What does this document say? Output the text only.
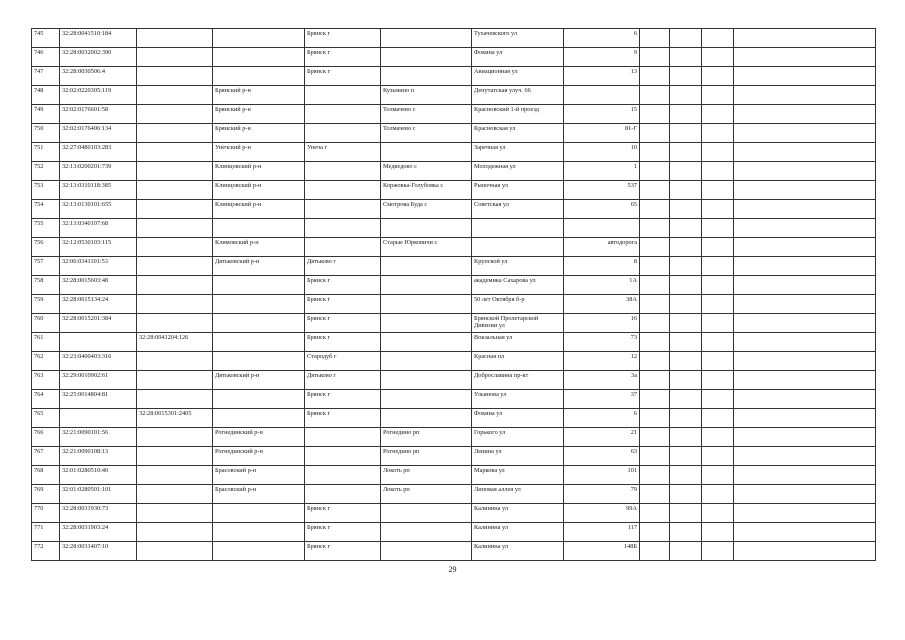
745	32:28:0041510:184			Брянск г		Тухачевского ул	6				
746	32:28:0032002:390			Брянск г		Фокина ул	9				
747	32:28:0030506:4			Брянск г		Авиационная ул	13				
748	32:02:0220305:119		Брянский р-н		Кузьмино п	Депутатская улуч. 66					
749	32:02:0176601:58		Брянский р-н		Толмачево с	Красновский 1-й проезд	15				
750	32:02:0176406:134		Брянский р-н		Толмачево с	Красновская ул	81-Г				
751	32:27:0480103:283		Унечский р-н	Унеча г		Заречная ул	10				
752	32:13:0200201:739		Клинцовский р-н		Медведово с	Молодежная ул	1				
753	32:13:0310118:385		Клинцовский р-н		Коржовка-Голубовка с	Рыночная ул	537				
754	32:13:0130101:655		Клинцовский р-н		Смотрова Буда с	Советская ул	65				
755	32:13:0340107:68										
756	32:12:0530103:115		Климовский р-н		Старые Юрковичи с		автодорога				
757	32:06:0341101:53		Дятьковский р-н	Дятьково г		Крупской ул	8				
758	32:28:0015603:48			Брянск г		академика Сахарова ул	1А				
759	32:28:0015134:24			Брянск г		50 лет Октября б-р	38А				
760	32:28:0015201:384			Брянск г		Брянской Пролетарской Дивизии ул	16				
761		32:28:0041204:126		Брянск г		Вокзальная ул	73				
762	32:23:0400403:316			Стародуб г		Красная пл	12				
763	32:29:0010902:61		Дятьковский р-н	Дятьково г		Доброславина пр-кт	3а				
764	32:25:0014804:81			Брянск г		Ульянова ул	37				
765		32:28:0015301:2405		Брянск г		Фокина ул	6				
766	32:21:0090101:56		Рогнединский р-н		Рогнедино рп	Горького ул	21				
767	32:21:0090108:13		Рогнединский р-н		Рогнедино рп	Ленина ул	63				
768	32:01:0280510:40		Брасовский р-н		Локоть рп	Маркова ул	101				
769	32:01:0280501:101		Брасовский р-н		Локоть рп	Липовая аллея ул	79				
770	32:28:0031930:73			Брянск г		Калинина ул	99А				
771	32:28:0031903:24			Брянск г		Калинина ул	117				
772	32:28:0031407:10			Брянск г		Калинина ул	148Б				
29
